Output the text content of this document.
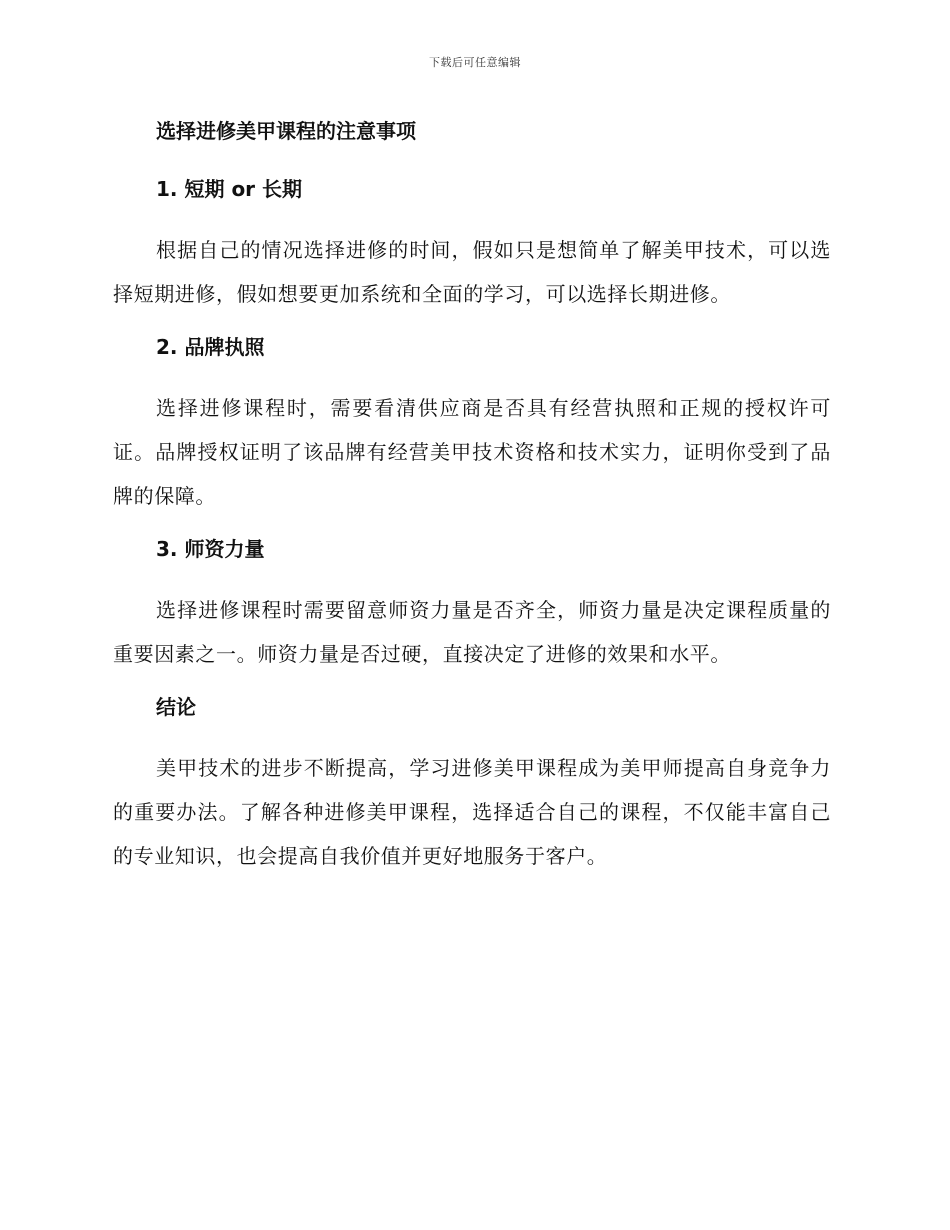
下载后可任意编辑
选择进修美甲课程的注意事项
1. 短期 or 长期

根据自己的情况选择进修的时间，假如只是想简单了解美甲技术，可以选择短期进修，假如想要更加系统和全面的学习，可以选择长期进修。

2. 品牌执照

选择进修课程时，需要看清供应商是否具有经营执照和正规的授权许可证。品牌授权证明了该品牌有经营美甲技术资格和技术实力，证明你受到了品牌的保障。

3. 师资力量

选择进修课程时需要留意师资力量是否齐全，师资力量是决定课程质量的重要因素之一。师资力量是否过硬，直接决定了进修的效果和水平。

结论

美甲技术的进步不断提高，学习进修美甲课程成为美甲师提高自身竞争力的重要办法。了解各种进修美甲课程，选择适合自己的课程，不仅能丰富自己的专业知识，也会提高自我价值并更好地服务于客户。
